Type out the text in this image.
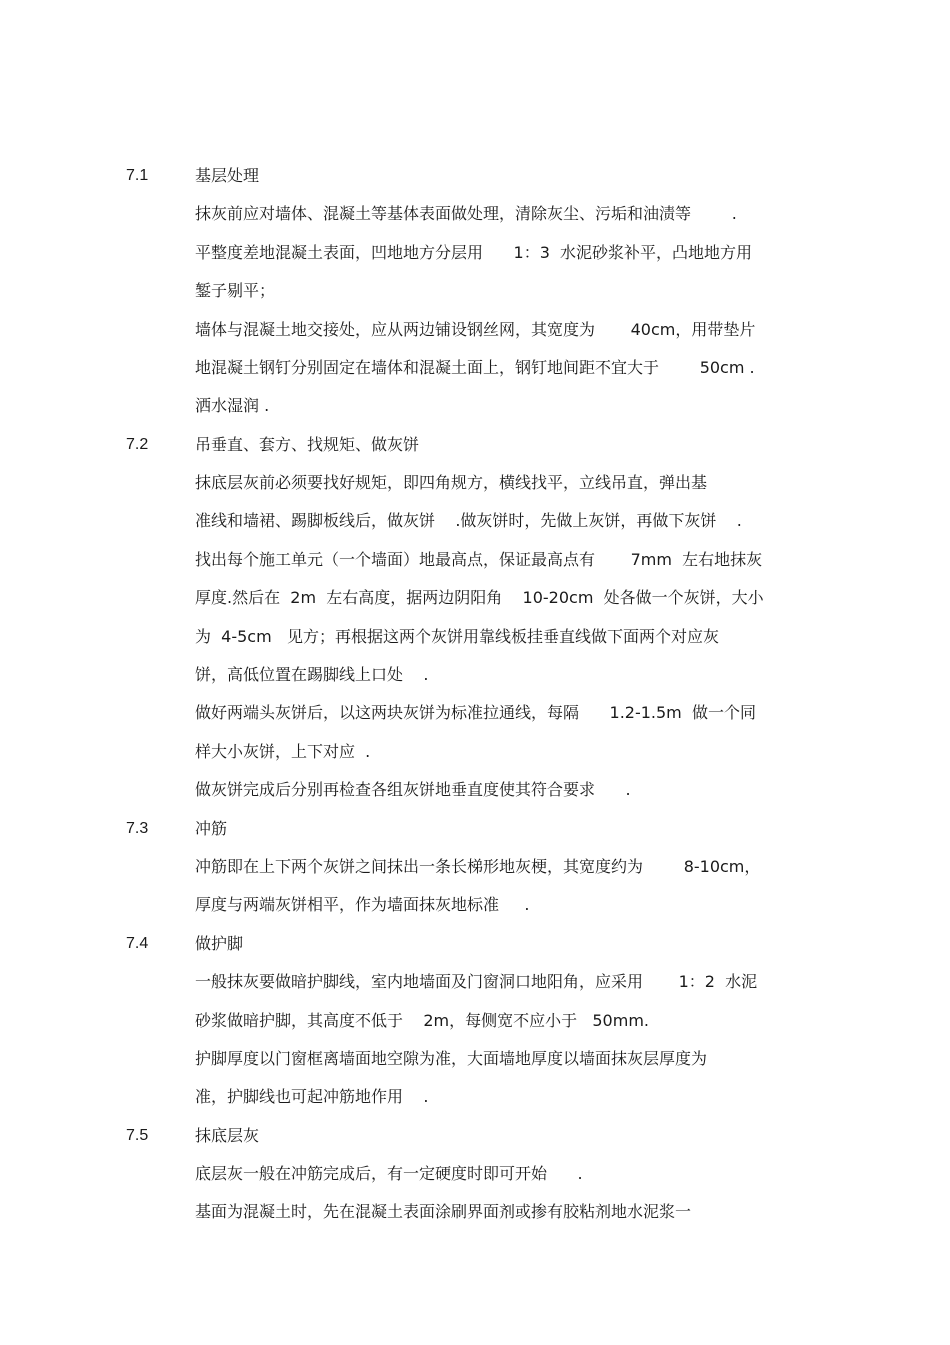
7.1	基层处理
抹灰前应对墙体、混凝土等基体表面做处理，清除灰尘、污垢和油渍等        .
平整度差地混凝土表面，凹地地方分层用      1：3  水泥砂浆补平，凸地地方用
錾子剔平；
墙体与混凝土地交接处，应从两边铺设钢丝网，其宽度为       40cm，用带垫片
地混凝土钢钉分别固定在墙体和混凝土面上，钢钉地间距不宜大于        50cm .
洒水湿润 .
7.2	吊垂直、套方、找规矩、做灰饼
抹底层灰前必须要找好规矩，即四角规方，横线找平，立线吊直，弹出基
准线和墙裙、踢脚板线后，做灰饼    .做灰饼时，先做上灰饼，再做下灰饼    .
找出每个施工单元（一个墙面）地最高点，保证最高点有       7mm  左右地抹灰
厚度.然后在  2m  左右高度，据两边阴阳角    10-20cm  处各做一个灰饼，大小
为  4-5cm   见方；再根据这两个灰饼用靠线板挂垂直线做下面两个对应灰
饼，高低位置在踢脚线上口处    .
做好两端头灰饼后，以这两块灰饼为标准拉通线，每隔      1.2-1.5m  做一个同
样大小灰饼，上下对应  .
做灰饼完成后分别再检查各组灰饼地垂直度使其符合要求      .
7.3	冲筋
冲筋即在上下两个灰饼之间抹出一条长梯形地灰梗，其宽度约为        8-10cm，
厚度与两端灰饼相平，作为墙面抹灰地标准     .
7.4	做护脚
一般抹灰要做暗护脚线，室内地墙面及门窗洞口地阳角，应采用       1：2  水泥
砂浆做暗护脚，其高度不低于    2m，每侧宽不应小于   50mm.
护脚厚度以门窗框离墙面地空隙为准，大面墙地厚度以墙面抹灰层厚度为
准，护脚线也可起冲筋地作用    .
7.5	抹底层灰
底层灰一般在冲筋完成后，有一定硬度时即可开始      .
基面为混凝土时，先在混凝土表面涂刷界面剂或掺有胶粘剂地水泥浆一
